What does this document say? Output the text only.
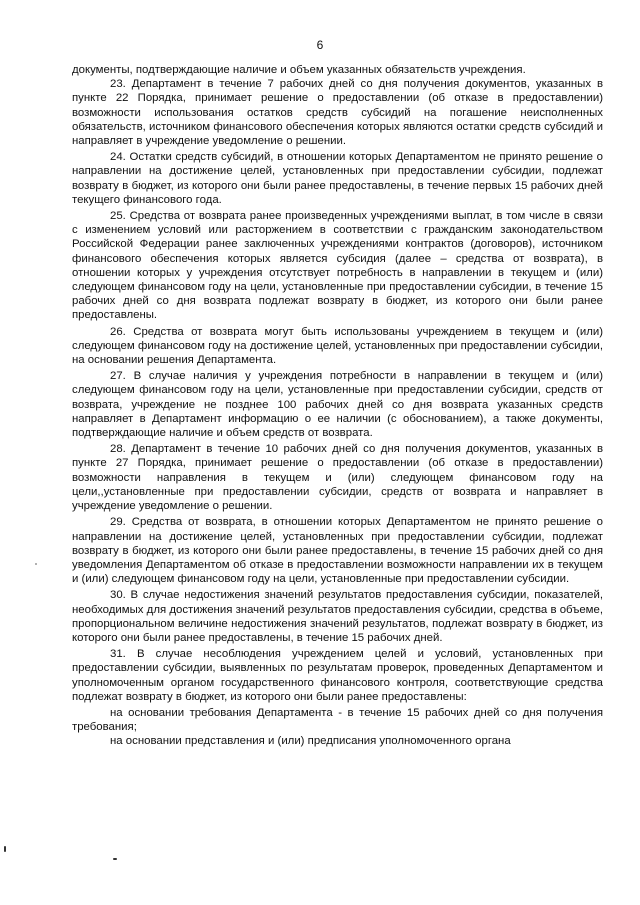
6

документы, подтверждающие наличие и объем указанных обязательств учреждения.

23. Департамент в течение 7 рабочих дней со дня получения документов, указанных в пункте 22 Порядка, принимает решение о предоставлении (об отказе в предоставлении) возможности использования остатков средств субсидий на погашение неисполненных обязательств, источником финансового обеспечения которых являются остатки средств субсидий и направляет в учреждение уведомление о решении.

24. Остатки средств субсидий, в отношении которых Департаментом не принято решение о направлении на достижение целей, установленных при предоставлении субсидии, подлежат возврату в бюджет, из которого они были ранее предоставлены, в течение первых 15 рабочих дней текущего финансового года.

25. Средства от возврата ранее произведенных учреждениями выплат, в том числе в связи с изменением условий или расторжением в соответствии с гражданским законодательством Российской Федерации ранее заключенных учреждениями контрактов (договоров), источником финансового обеспечения которых является субсидия (далее – средства от возврата), в отношении которых у учреждения отсутствует потребность в направлении в текущем и (или) следующем финансовом году на цели, установленные при предоставлении субсидии, в течение 15 рабочих дней со дня возврата подлежат возврату в бюджет, из которого они были ранее предоставлены.

26. Средства от возврата могут быть использованы учреждением в текущем и (или) следующем финансовом году на достижение целей, установленных при предоставлении субсидии, на основании решения Департамента.

27. В случае наличия у учреждения потребности в направлении в текущем и (или) следующем финансовом году на цели, установленные при предоставлении субсидии, средств от возврата, учреждение не позднее 100 рабочих дней со дня возврата указанных средств направляет в Департамент информацию о ее наличии (с обоснованием), а также документы, подтверждающие наличие и объем средств от возврата.

28. Департамент в течение 10 рабочих дней со дня получения документов, указанных в пункте 27 Порядка, принимает решение о предоставлении (об отказе в предоставлении) возможности направления в текущем и (или) следующем финансовом году на цели,,установленные при предоставлении субсидии, средств от возврата и направляет в учреждение уведомление о решении.

29. Средства от возврата, в отношении которых Департаментом не принято решение о направлении на достижение целей, установленных при предоставлении субсидии, подлежат возврату в бюджет, из которого они были ранее предоставлены, в течение 15 рабочих дней со дня уведомления Департаментом об отказе в предоставлении возможности направлении их в текущем и (или) следующем финансовом году на цели, установленные при предоставлении субсидии.

30. В случае недостижения значений результатов предоставления субсидии, показателей, необходимых для достижения значений результатов предоставления субсидии, средства в объеме, пропорциональном величине недостижения значений результатов, подлежат возврату в бюджет, из которого они были ранее предоставлены, в течение 15 рабочих дней.

31. В случае несоблюдения учреждением целей и условий, установленных при предоставлении субсидии, выявленных по результатам проверок, проведенных Департаментом и уполномоченным органом государственного финансового контроля, соответствующие средства подлежат возврату в бюджет, из которого они были ранее предоставлены:

на основании требования Департамента - в течение 15 рабочих дней со дня получения требования;

на основании представления и (или) предписания уполномоченного органа
